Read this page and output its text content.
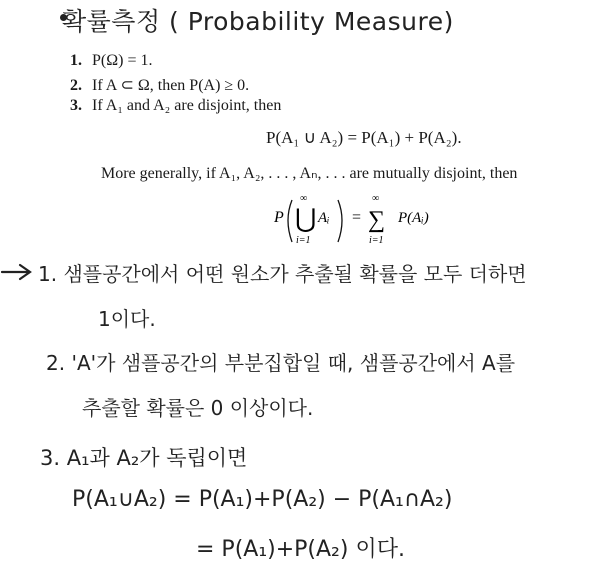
확률측정 ( Probability Measure)
1. P(Ω) = 1.
2. If A ⊂ Ω, then P(A) ≥ 0.
3. If A₁ and A₂ are disjoint, then
P(A₁ ∪ A₂) = P(A₁) + P(A₂).
More generally, if A₁, A₂, . . . , Aₙ, . . . are mutually disjoint, then
P
∞
⋃
i=1
Aᵢ =
∞
∑
i=1
P(Aᵢ)
1. 샘플공간에서 어떤 원소가 추출될 확률을 모두 더하면
1이다.
2. 'A'가 샘플공간의 부분집합일 때, 샘플공간에서 A를
추출할 확률은 0 이상이다.
3. A₁과 A₂가 독립이면
P(A₁∪A₂) = P(A₁)+P(A₂) − P(A₁∩A₂)
= P(A₁)+P(A₂) 이다.
